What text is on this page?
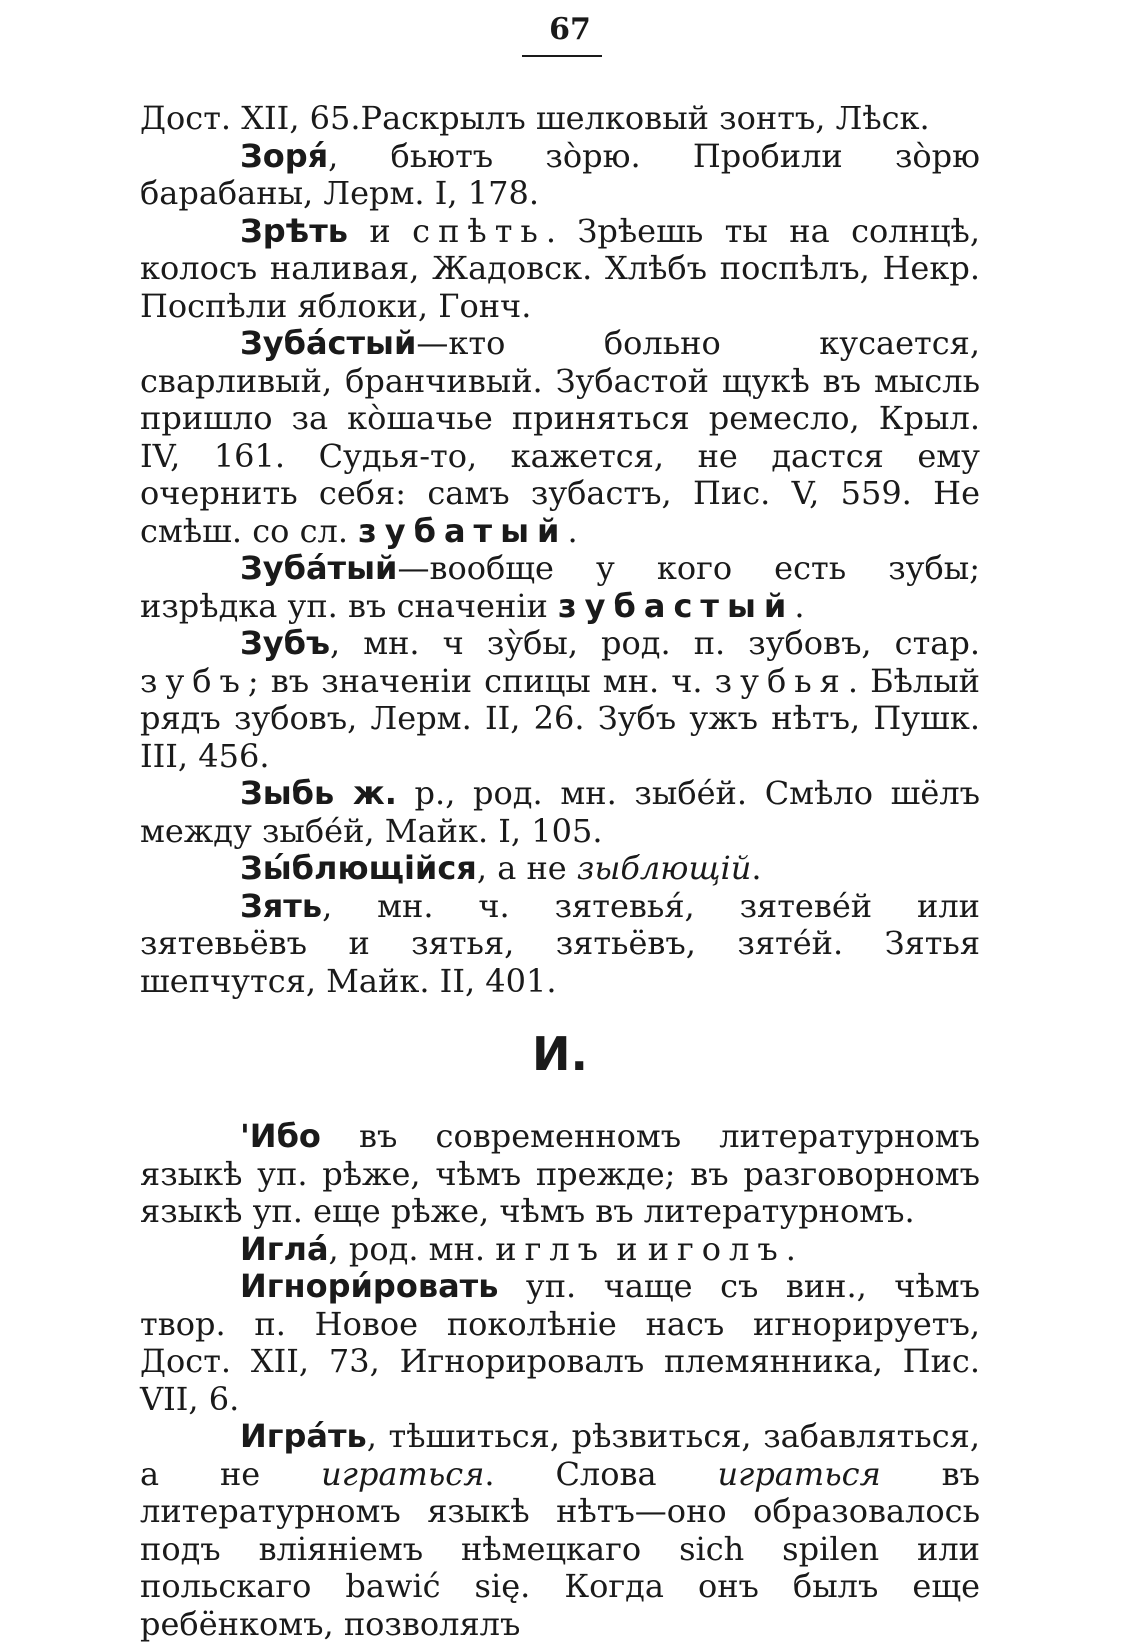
67

Дост. XII, 65.Раскрылъ шелковый зонтъ, Лѣск.

Зоря́, бьютъ зо̀рю. Пробили зо̀рю барабаны, Лерм. I, 178.

Зрѣть и спѣть. Зрѣешь ты на солнцѣ, колосъ наливая, Жадовск. Хлѣбъ поспѣлъ, Некр. Поспѣли яблоки, Гонч.

Зуба́стый—кто больно кусается, сварливый, бранчивый. Зубастой щукѣ въ мысль пришло за ко̀шачье приняться ремесло, Крыл. IV, 161. Судья-то, кажется, не дастся ему очернить себя: самъ зубастъ, Пис. V, 559. Не смѣш. со сл. зубатый.

Зуба́тый—вообще у кого есть зубы; изрѣдка уп. въ сначенiи зубастый.

Зубъ, мн. ч зу̀бы, род. п. зубовъ, стар. зубъ; въ значенiи спицы мн. ч. зубья. Бѣлый рядъ зубовъ, Лерм. II, 26. Зубъ ужъ нѣтъ, Пушк. III, 456.

Зыбь ж. р., род. мн. зыбе́й. Смѣло шёлъ между зыбе́й, Майк. I, 105.

Зы́блющiйся, а не зыблющiй.

Зять, мн. ч. зятевья́, зятеве́й или зятевьёвъ и зятья, зятьёвъ, зяте́й. Зятья шепчутся, Майк. II, 401.

И.

'Ибо въ современномъ литературномъ языкѣ уп. рѣже, чѣмъ прежде; въ разговорномъ языкѣ уп. еще рѣже, чѣмъ въ литературномъ.

Игла́, род. мн. иглъ и иголъ.

Игнори́ровать уп. чаще съ вин., чѣмъ твор. п. Новое поколѣнiе насъ игнорируетъ, Дост. XII, 73, Игнорировалъ племянника, Пис. VII, 6.

Игра́ть, тѣшиться, рѣзвиться, забавляться, а не играться. Слова играться въ литературномъ языкѣ нѣтъ—оно образовалось подъ влiянiемъ нѣмецкаго sich spilen или польскаго bawić się. Когда онъ былъ еще ребёнкомъ, позволялъ
